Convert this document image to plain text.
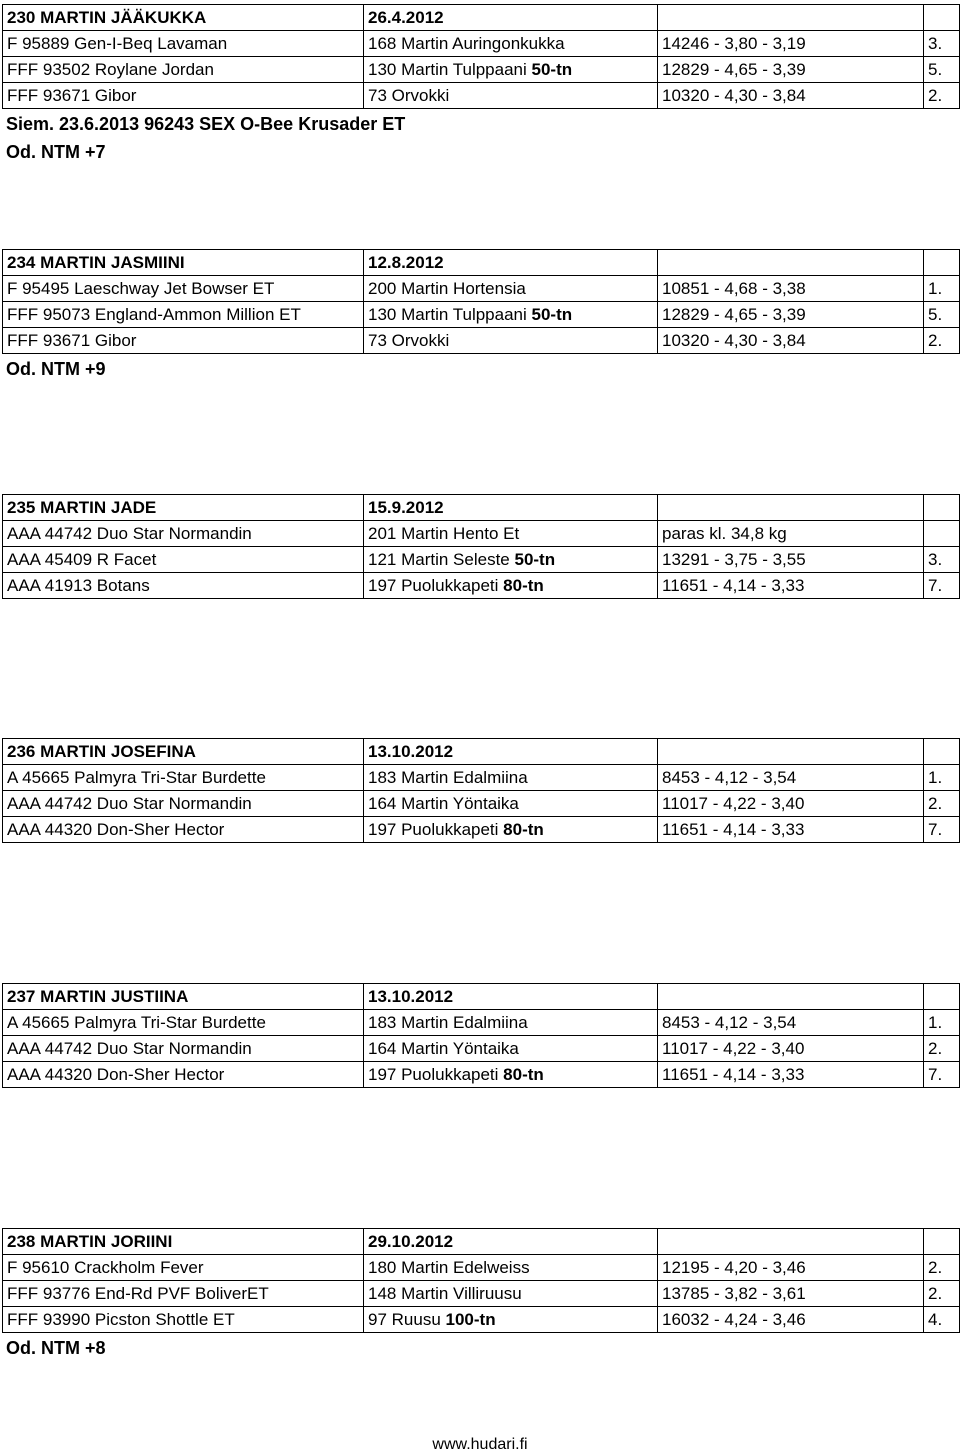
230 MARTIN JÄÄKUKKA	26.4.2012		
F 95889 Gen-I-Beq Lavaman	168 Martin Auringonkukka	14246 - 3,80 - 3,19	3.
FFF 93502 Roylane Jordan	130 Martin Tulppaani 50-tn	12829 - 4,65 - 3,39	5.
FFF 93671 Gibor	73 Orvokki	10320 - 4,30 - 3,84	2.
Siem. 23.6.2013 96243 SEX O-Bee Krusader ET
Od. NTM +7
234 MARTIN JASMIINI	12.8.2012		
F 95495 Laeschway Jet Bowser ET	200 Martin Hortensia	10851 - 4,68 - 3,38	1.
FFF 95073 England-Ammon Million ET	130 Martin Tulppaani 50-tn	12829 - 4,65 - 3,39	5.
FFF 93671 Gibor	73 Orvokki	10320 - 4,30 - 3,84	2.
Od. NTM +9
235 MARTIN JADE	15.9.2012		
AAA 44742 Duo Star Normandin	201 Martin Hento Et	paras kl. 34,8 kg	
AAA 45409 R Facet	121 Martin Seleste 50-tn	13291 - 3,75 - 3,55	3.
AAA 41913 Botans	197 Puolukkapeti 80-tn	11651 - 4,14 - 3,33	7.
236 MARTIN JOSEFINA	13.10.2012		
A 45665 Palmyra Tri-Star Burdette	183 Martin Edalmiina	8453 - 4,12 - 3,54	1.
AAA 44742 Duo Star Normandin	164 Martin Yöntaika	11017 - 4,22 - 3,40	2.
AAA 44320 Don-Sher Hector	197 Puolukkapeti 80-tn	11651 - 4,14 - 3,33	7.
237 MARTIN JUSTIINA	13.10.2012		
A 45665 Palmyra Tri-Star Burdette	183 Martin Edalmiina	8453 - 4,12 - 3,54	1.
AAA 44742 Duo Star Normandin	164 Martin Yöntaika	11017 - 4,22 - 3,40	2.
AAA 44320 Don-Sher Hector	197 Puolukkapeti 80-tn	11651 - 4,14 - 3,33	7.
238 MARTIN JORIINI	29.10.2012		
F 95610 Crackholm Fever	180 Martin Edelweiss	12195 - 4,20 - 3,46	2.
FFF 93776 End-Rd PVF BoliverET	148 Martin Villiruusu	13785 - 3,82 - 3,61	2.
FFF 93990 Picston Shottle ET	97 Ruusu 100-tn	16032 - 4,24 - 3,46	4.
Od. NTM +8
www.hudari.fi
